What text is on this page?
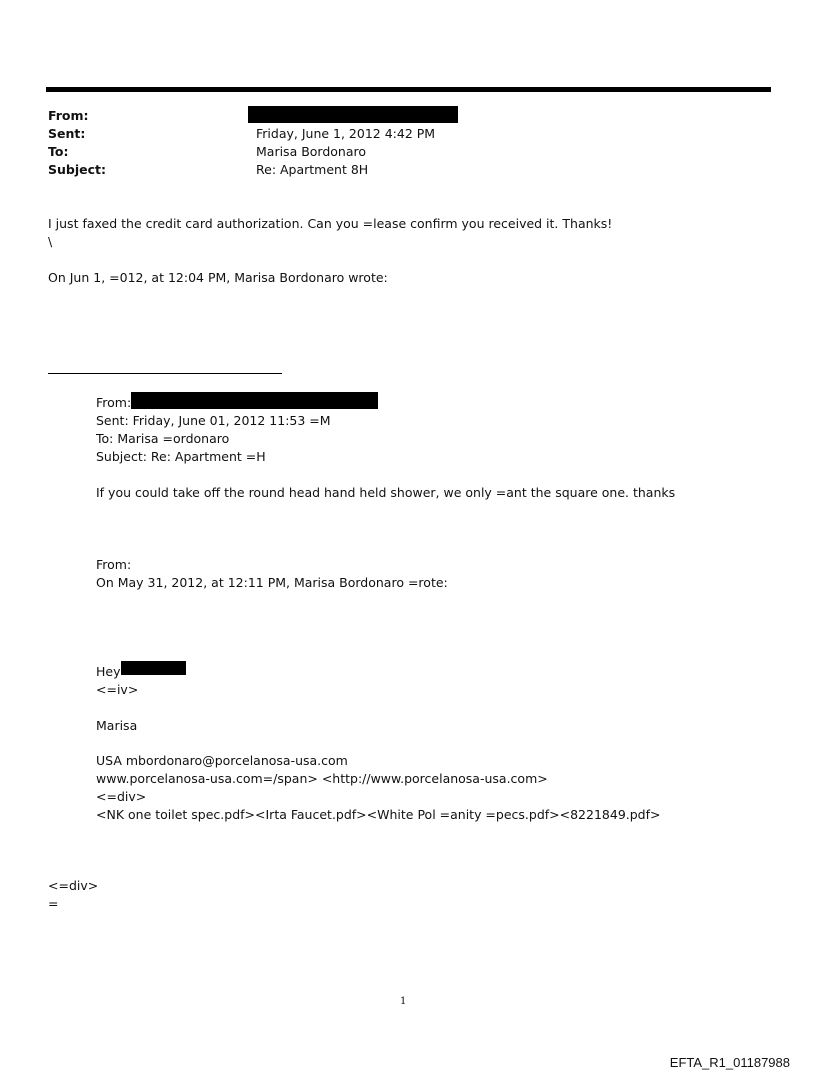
From:
Sent:	Friday, June 1, 2012 4:42 PM
To:	Marisa Bordonaro
Subject:	Re: Apartment 8H
I just faxed the credit card authorization. Can you =lease confirm you received it. Thanks!
\
On Jun 1, =012, at 12:04 PM, Marisa Bordonaro wrote:
From:
Sent: Friday, June 01, 2012 11:53 =M
To: Marisa =ordonaro
Subject: Re: Apartment =H
If you could take off the round head hand held shower, we only =ant the square one. thanks
From:
On May 31, 2012, at 12:11 PM, Marisa Bordonaro =rote:
Hey
<=iv>
Marisa
USA mbordonaro@porcelanosa-usa.com
www.porcelanosa-usa.com=/span> <http://www.porcelanosa-usa.com>
<=div>
<NK one toilet spec.pdf><Irta Faucet.pdf><White Pol =anity =pecs.pdf><8221849.pdf>
<=div>
=
1
EFTA_R1_01187988
